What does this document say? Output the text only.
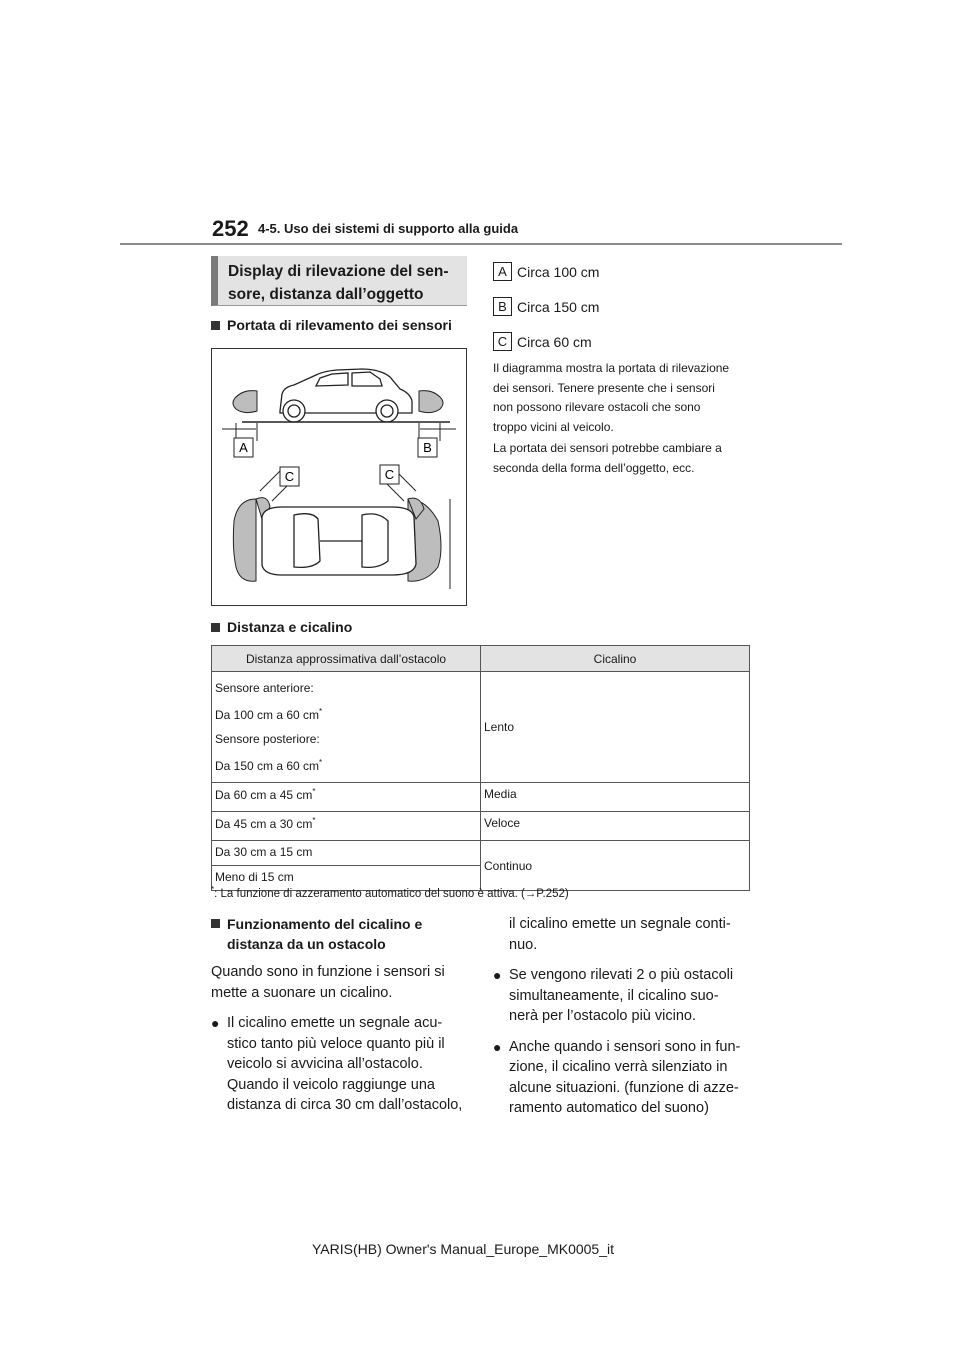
252 4-5. Uso dei sistemi di supporto alla guida
Display di rilevazione del sen-
sore, distanza dall’oggetto
Portata di rilevamento dei sensori
A	B
C	C
A Circa 100 cm
B Circa 150 cm
C Circa 60 cm

Il diagramma mostra la portata di rilevazione
dei sensori. Tenere presente che i sensori
non possono rilevare ostacoli che sono
troppo vicini al veicolo.

La portata dei sensori potrebbe cambiare a
seconda della forma dell’oggetto, ecc.

Distanza e cicalino
Distanza approssimativa dall’ostacolo	Cicalino

Sensore anteriore:
Da 100 cm a 60 cm*
Sensore posteriore:
Da 150 cm a 60 cm*	Lento
Da 60 cm a 45 cm*	Media
Da 45 cm a 30 cm*	Veloce
Da 30 cm a 15 cm	Continuo
Meno di 15 cm	
*: La funzione di azzeramento automatico del suono è attiva. (→P.252)
Funzionamento del cicalino e
distanza da un ostacolo
Quando sono in funzione i sensori si
mette a suonare un cicalino.
● Il cicalino emette un segnale acu-
stico tanto più veloce quanto più il
veicolo si avvicina all’ostacolo.
Quando il veicolo raggiunge una
distanza di circa 30 cm dall’ostacolo,
il cicalino emette un segnale conti-
nuo.
● Se vengono rilevati 2 o più ostacoli
simultaneamente, il cicalino suo-
nerà per l’ostacolo più vicino.
● Anche quando i sensori sono in fun-
zione, il cicalino verrà silenziato in
alcune situazioni. (funzione di azze-
ramento automatico del suono)
YARIS(HB) Owner's Manual_Europe_MK0005_it
